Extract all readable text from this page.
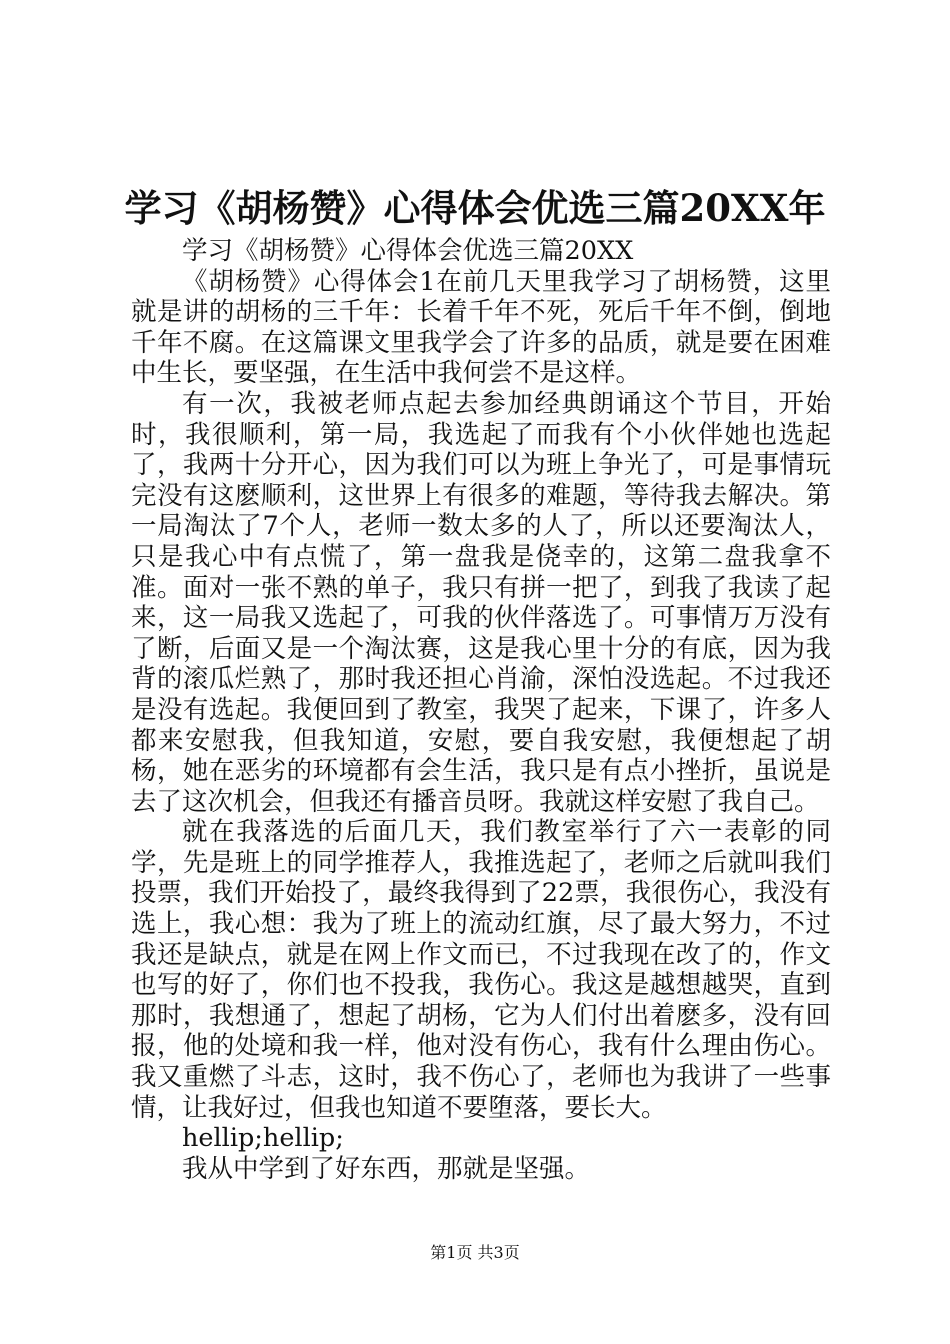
学习《胡杨赞》心得体会优选三篇20XX年

学习《胡杨赞》心得体会优选三篇20XX

《胡杨赞》心得体会1在前几天里我学习了胡杨赞，这里就是讲的胡杨的三千年：长着千年不死，死后千年不倒，倒地千年不腐。在这篇课文里我学会了许多的品质，就是要在困难中生长，要坚强，在生活中我何尝不是这样。

有一次，我被老师点起去参加经典朗诵这个节目，开始时，我很顺利，第一局，我选起了而我有个小伙伴她也选起了，我两十分开心，因为我们可以为班上争光了，可是事情玩完没有这麽顺利，这世界上有很多的难题，等待我去解决。第一局淘汰了7个人，老师一数太多的人了，所以还要淘汰人，只是我心中有点慌了，第一盘我是侥幸的，这第二盘我拿不准。面对一张不熟的单子，我只有拼一把了，到我了我读了起来，这一局我又选起了，可我的伙伴落选了。可事情万万没有了断，后面又是一个淘汰赛，这是我心里十分的有底，因为我背的滚瓜烂熟了，那时我还担心肖渝，深怕没选起。不过我还是没有选起。我便回到了教室，我哭了起来，下课了，许多人都来安慰我，但我知道，安慰，要自我安慰，我便想起了胡杨，她在恶劣的环境都有会生活，我只是有点小挫折，虽说是去了这次机会，但我还有播音员呀。我就这样安慰了我自己。

就在我落选的后面几天，我们教室举行了六一表彰的同学，先是班上的同学推荐人，我推选起了，老师之后就叫我们投票，我们开始投了，最终我得到了22票，我很伤心，我没有选上，我心想：我为了班上的流动红旗，尽了最大努力，不过我还是缺点，就是在网上作文而已，不过我现在改了的，作文也写的好了，你们也不投我，我伤心。我这是越想越哭，直到那时，我想通了，想起了胡杨，它为人们付出着麽多，没有回报，他的处境和我一样，他对没有伤心，我有什么理由伤心。我又重燃了斗志，这时，我不伤心了，老师也为我讲了一些事情，让我好过，但我也知道不要堕落，要长大。

hellip;hellip;

我从中学到了好东西，那就是坚强。

第1页 共3页
